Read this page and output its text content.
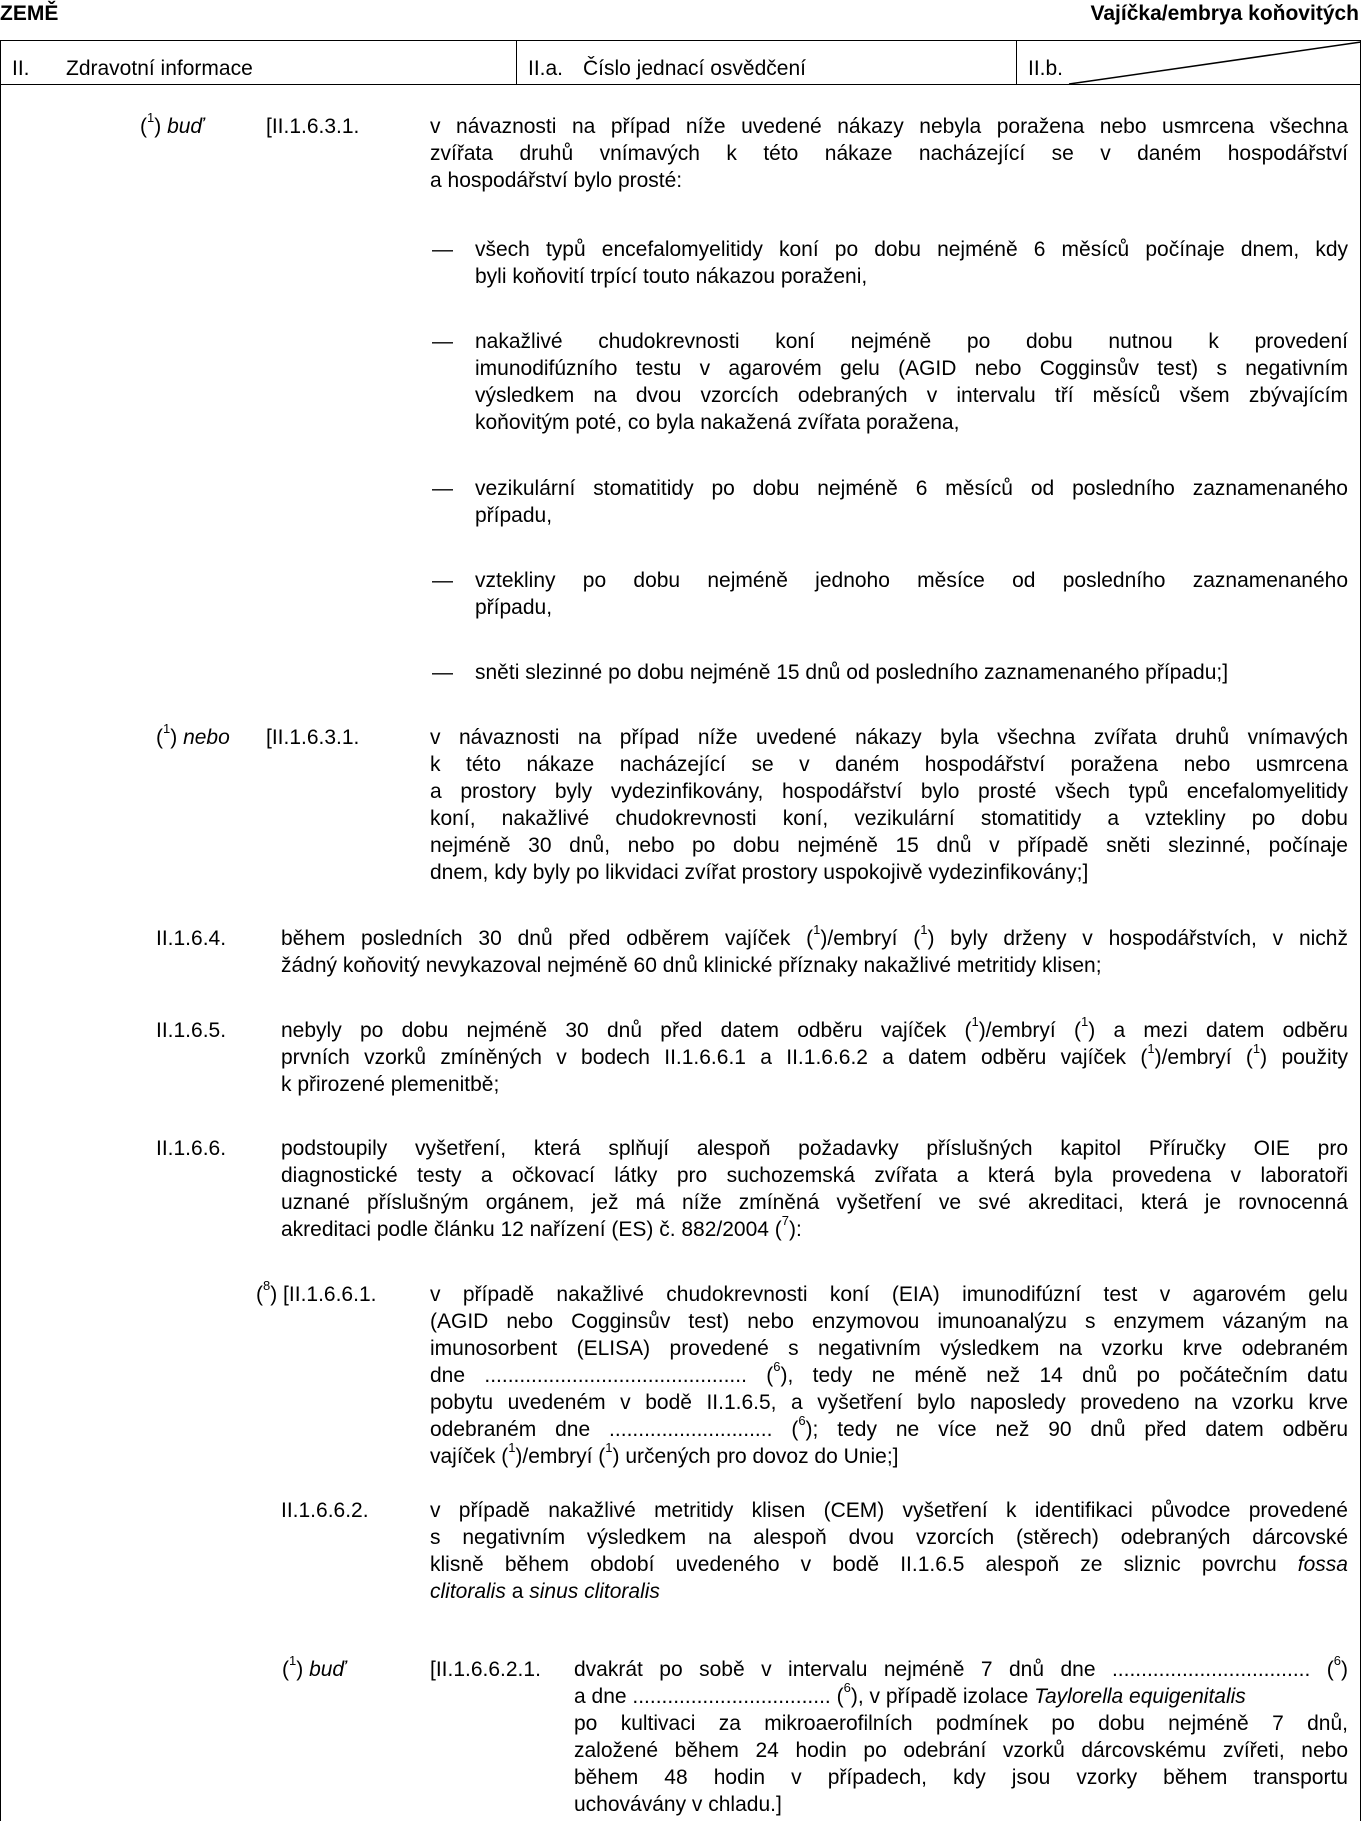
ZEMĚ	Vajíčka/embrya koňovitých
II. Zdravotní informace	II.a. Číslo jednací osvědčení	II.b.
($^1$) buď	[II.1.6.3.1.	v návaznosti na případ níže uvedené nákazy nebyla poražena nebo usmrcena všechna
zvířata druhů vnímavých k této nákaze nacházející se v daném hospodářství
a hospodářství bylo prosté:
— všech typů encefalomyelitidy koní po dobu nejméně 6 měsíců počínaje dnem, kdy
byli koňovití trpící touto nákazou poraženi,
— nakažlivé chudokrevnosti koní nejméně po dobu nutnou k provedení
imunodifúzního testu v agarovém gelu (AGID nebo Cogginsův test) s negativním
výsledkem na dvou vzorcích odebraných v intervalu tří měsíců všem zbývajícím
koňovitým poté, co byla nakažená zvířata poražena,
— vezikulární stomatitidy po dobu nejméně 6 měsíců od posledního zaznamenaného
případu,
— vztekliny po dobu nejméně jednoho měsíce od posledního zaznamenaného
případu,
— sněti slezinné po dobu nejméně 15 dnů od posledního zaznamenaného případu;]
($^1$) nebo [II.1.6.3.1.	v návaznosti na případ níže uvedené nákazy byla všechna zvířata druhů vnímavých
k této nákaze nacházející se v daném hospodářství poražena nebo usmrcena
a prostory byly vydezinfikovány, hospodářství bylo prosté všech typů encefalomyelitidy
koní, nakažlivé chudokrevnosti koní, vezikulární stomatitidy a vztekliny po dobu
nejméně 30 dnů, nebo po dobu nejméně 15 dnů v případě sněti slezinné, počínaje
dnem, kdy byly po likvidaci zvířat prostory uspokojivě vydezinfikovány;]
II.1.6.4.	během posledních 30 dnů před odběrem vajíček ($^1$)/embryí ($^1$) byly drženy v hospodářstvích, v nichž
žádný koňovitý nevykazoval nejméně 60 dnů klinické příznaky nakažlivé metritidy klisen;
II.1.6.5.	nebyly po dobu nejméně 30 dnů před datem odběru vajíček ($^1$)/embryí ($^1$) a mezi datem odběru
prvních vzorků zmíněných v bodech II.1.6.6.1 a II.1.6.6.2 a datem odběru vajíček ($^1$)/embryí ($^1$) použity
k přirozené plemenitbě;
II.1.6.6.	podstoupily vyšetření, která splňují alespoň požadavky příslušných kapitol Příručky OIE pro
diagnostické testy a očkovací látky pro suchozemská zvířata a která byla provedena v laboratoři
uznané příslušným orgánem, jež má níže zmíněná vyšetření ve své akreditaci, která je rovnocenná
akreditaci podle článku 12 nařízení (ES) č. 882/2004 ($^7$):
($^8$) [II.1.6.6.1.	v případě nakažlivé chudokrevnosti koní (EIA) imunodifúzní test v agarovém gelu
(AGID nebo Cogginsův test) nebo enzymovou imunoanalýzu s enzymem vázaným na
imunosorbent (ELISA) provedené s negativním výsledkem na vzorku krve odebraném
dne ............................................. ($^6$), tedy ne méně než 14 dnů po počátečním datu
pobytu uvedeném v bodě II.1.6.5, a vyšetření bylo naposledy provedeno na vzorku krve
odebraném dne ............................ ($^6$); tedy ne více než 90 dnů před datem odběru
vajíček ($^1$)/embryí ($^1$) určených pro dovoz do Unie;]
II.1.6.6.2.	v případě nakažlivé metritidy klisen (CEM) vyšetření k identifikaci původce provedené
s negativním výsledkem na alespoň dvou vzorcích (stěrech) odebraných dárcovské
klisně během období uvedeného v bodě II.1.6.5 alespoň ze sliznic povrchu fossa
clitoralis a sinus clitoralis
($^1$) buď	[II.1.6.6.2.1. dvakrát po sobě v intervalu nejméně 7 dnů dne .................................. ($^6$)
a dne .................................. ($^6$), v případě izolace Taylorella equigenitalis
po kultivaci za mikroaerofilních podmínek po dobu nejméně 7 dnů,
založené během 24 hodin po odebrání vzorků dárcovskému zvířeti, nebo
během 48 hodin v případech, kdy jsou vzorky během transportu
uchovávány v chladu.]
